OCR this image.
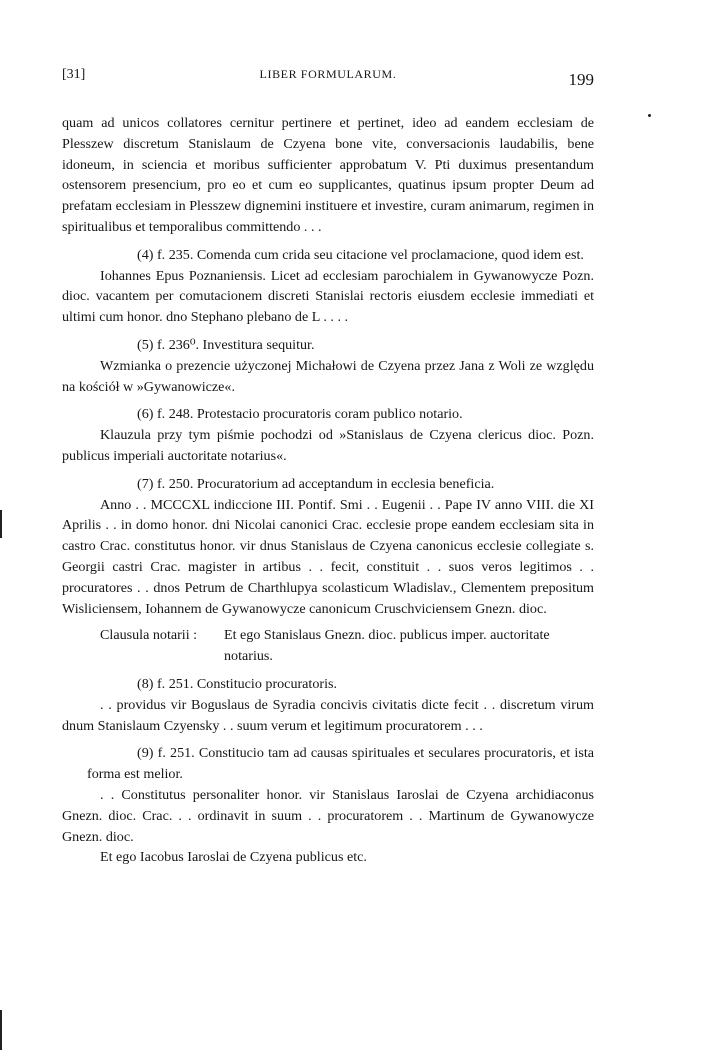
[31]	LIBER FORMULARUM.	199

quam ad unicos collatores cernitur pertinere et pertinet, ideo ad eandem ecclesiam de Plesszew discretum Stanislaum de Czyena bone vite, conversacionis laudabilis, bene idoneum, in sciencia et moribus sufficienter approbatum V. Pti duximus presentandum ostensorem presencium, pro eo et cum eo supplicantes, quatinus ipsum propter Deum ad prefatam ecclesiam in Plesszew dignemini instituere et investire, curam animarum, regimen in spiritualibus et temporalibus committendo . . .

(4) f. 235. Comenda cum crida seu citacione vel proclamacione, quod idem est.

Iohannes Epus Poznaniensis. Licet ad ecclesiam parochialem in Gywanowycze Pozn. dioc. vacantem per comutacionem discreti Stanislai rectoris eiusdem ecclesie immediati et ultimi cum honor. dno Stephano plebano de L . . . .

(5) f. 236⁰. Investitura sequitur.

Wzmianka o prezencie użyczonej Michałowi de Czyena przez Jana z Woli ze względu na kościół w »Gywanowicze«.

(6) f. 248. Protestacio procuratoris coram publico notario.

Klauzula przy tym piśmie pochodzi od »Stanislaus de Czyena clericus dioc. Pozn. publicus imperiali auctoritate notarius«.

(7) f. 250. Procuratorium ad acceptandum in ecclesia beneficia.

Anno . . MCCCXL indiccione III. Pontif. Smi . . Eugenii . . Pape IV anno VIII. die XI Aprilis . . in domo honor. dni Nicolai canonici Crac. ecclesie prope eandem ecclesiam sita in castro Crac. constitutus honor. vir dnus Stanislaus de Czyena canonicus ecclesie collegiate s. Georgii castri Crac. magister in artibus . . fecit, constituit . . suos veros legitimos . . procuratores . . dnos Petrum de Charthlupya scolasticum Wladislav., Clementem prepositum Wisliciensem, Iohannem de Gywanowycze canonicum Cruschviciensem Gnezn. dioc.

Clausula notarii :	Et ego Stanislaus Gnezn. dioc. publicus imper. auctoritate notarius.

(8) f. 251. Constitucio procuratoris.

. . providus vir Boguslaus de Syradia concivis civitatis dicte fecit . . discretum virum dnum Stanislaum Czyensky . . suum verum et legitimum procuratorem . . .

(9) f. 251. Constitucio tam ad causas spirituales et seculares procuratoris, et ista forma est melior.

. . Constitutus personaliter honor. vir Stanislaus Iaroslai de Czyena archidiaconus Gnezn. dioc. Crac. . . ordinavit in suum . . procuratorem . . Martinum de Gywanowycze Gnezn. dioc.

Et ego Iacobus Iaroslai de Czyena publicus etc.
